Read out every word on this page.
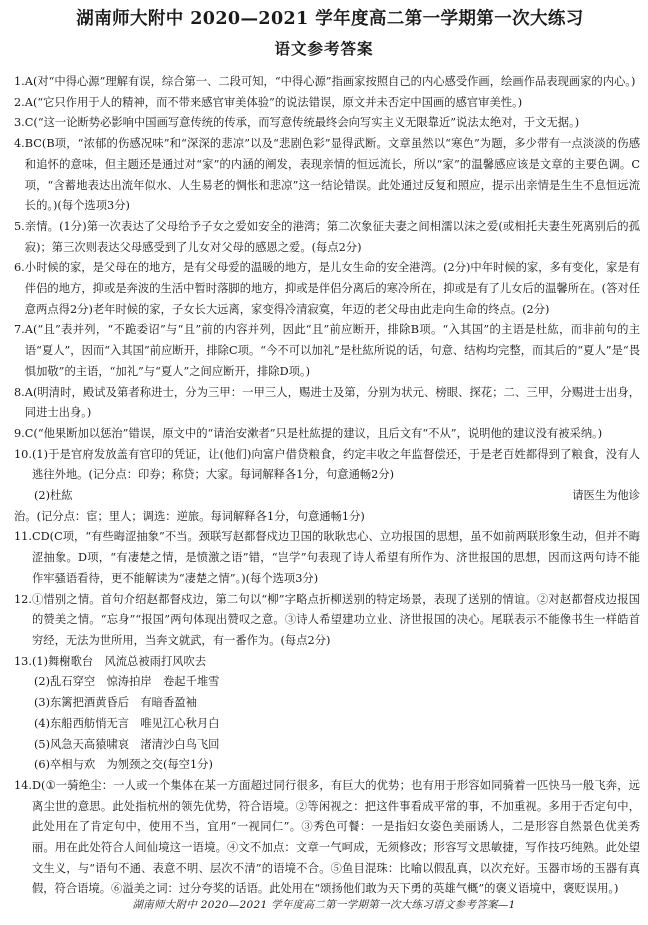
湖南师大附中 2020—2021 学年度高二第一学期第一次大练习
语文参考答案
1. A(对“中得心源”理解有误，综合第一、二段可知，“中得心源”指画家按照自己的内心感受作画，绘画作品表现画家的内心。)
2. A(“它只作用于人的精神，而不带来感官审美体验”的说法错误，原文并未否定中国画的感官审美性。)
3. C(“这一论断势必影响中国画写意传统的传承，而写意传统最终会向写实主义无限靠近”说法太绝对，于文无据。)
4. BC(B项，“浓郁的伤感况味”和“深深的悲凉”以及“悲剧色彩”显得武断。文章虽然以“寒色”为题，多少带有一点淡淡的伤感和追怀的意味，但主题还是通过对“家”的内涵的阐发，表现亲情的恒远流长，所以“家”的温馨感应该是文章的主要色调。C项，“含蓄地表达出流年似水、人生易老的惆怅和悲凉”这一结论错误。此处通过反复和照应，提示出亲情是生生不息恒远流长的。)(每个选项3分)
5. 亲情。(1分)第一次表达了父母给予子女之爱如安全的港湾；第二次象征夫妻之间相濡以沫之爱(或相托夫妻生死离别后的孤寂)；第三次则表达父母感受到了儿女对父母的感恩之爱。(每点2分)
6. 小时候的家，是父母在的地方，是有父母爱的温暖的地方，是儿女生命的安全港湾。(2分)中年时候的家，多有变化，家是有伴侣的地方，抑或是奔波的生活中暂时落脚的地方，抑或是伴侣分离后的寒冷所在，抑或是有了儿女后的温馨所在。(答对任意两点得2分)老年时候的家，子女长大远离，家变得冷清寂寞，年迈的老父母由此走向生命的终点。(2分)
7. A(“且”表并列，“不跪委诏”与“且”前的内容并列，因此“且”前应断开，排除B项。“入其国”的主语是杜紘，而非前句的主语“夏人”，因而“入其国”前应断开，排除C项。“今不可以加礼”是杜紘所说的话，句意、结构均完整，而其后的“夏人”是“畏惧加敬”的主语，“加礼”与“夏人”之间应断开，排除D项。)
8. A(明清时，殿试及第者称进士，分为三甲：一甲三人，赐进士及第，分别为状元、榜眼、探花；二、三甲，分赐进士出身，同进士出身。)
9. C(“他果断加以惩治”错误，原文中的“请治安漱者”只是杜紘提的建议，且后文有“不从”，说明他的建议没有被采纳。)
10. (1)于是官府发放盖有官印的凭证，让(他们)向富户借贷粮食，约定丰收之年监督偿还，于是老百姓都得到了粮食，没有人逃往外地。(记分点：印券；称贷；大家。每词解释各1分，句意通畅2分)
(2)杜紘	请医生为他诊
治。(记分点：宦；里人；调选：逆旅。每词解释各1分，句意通畅1分)
11. CD(C项，“有些晦涩抽象”不当。颈联写赵都督戍边卫国的耿耿忠心、立功报国的思想，虽不如前两联形象生动，但并不晦涩抽象。D项，“有凄楚之情，是愤激之语”错，“岂学”句表现了诗人希望有所作为、济世报国的思想，因而这两句诗不能作牢骚语看待，更不能解读为“凄楚之情”。)(每个选项3分)
12. ①惜别之情。首句介绍赵都督戍边，第二句以“柳”字略点折柳送别的特定场景，表现了送别的情谊。②对赵都督戍边报国的赞美之情。“忘身”“报国”两句体现出赞叹之意。③诗人希望建功立业、济世报国的决心。尾联表示不能像书生一样皓首穷经，无法为世所用，当奔文就武，有一番作为。(每点2分)
13. (1)舞榭歌台　风流总被雨打风吹去
(2)乱石穿空　惊涛拍岸　卷起千堆雪
(3)东篱把酒黄昏后　有暗香盈袖
(4)东船西舫悄无言　唯见江心秋月白
(5)风急天高猿啸哀　渚清沙白鸟飞回
(6)卒相与欢　为刎颈之交(每空1分)
14. D(①一骑绝尘：一人或一个集体在某一方面超过同行很多，有巨大的优势；也有用于形容如同骑着一匹快马一般飞奔，远离尘世的意思。此处指杭州的领先优势，符合语境。②等闲视之：把这件事看成平常的事，不加重视。多用于否定句中，此处用在了肯定句中，使用不当，宜用“一视同仁”。③秀色可餐：一是指妇女姿色美丽诱人，二是形容自然景色优美秀丽。用在此处符合人间仙境这一语境。④文不加点：文章一气呵成，无须修改；形容写文思敏捷，写作技巧纯熟。此处望文生义，与“语句不通、表意不明、层次不清”的语境不合。⑤鱼目混珠：比喻以假乱真，以次充好。玉器市场的玉器有真假，符合语境。⑥溢美之词：过分夸奖的话语。此处用在“颂扬他们敢为天下勇的英雄气概”的褒义语境中，褒贬误用。)
湖南师大附中 2020—2021 学年度高二第一学期第一次大练习语文参考答案—1
